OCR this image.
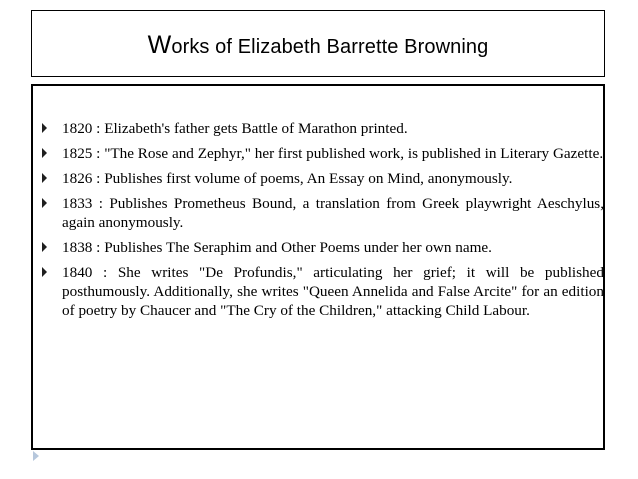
Works of Elizabeth Barrette Browning
1820 : Elizabeth's father gets Battle of Marathon printed.
1825 : "The Rose and Zephyr," her first published work, is published in Literary Gazette.
1826 : Publishes first volume of poems, An Essay on Mind, anonymously.
1833 : Publishes Prometheus Bound, a translation from Greek playwright Aeschylus, again anonymously.
1838 : Publishes The Seraphim and Other Poems under her own name.
1840 : She writes "De Profundis," articulating her grief; it will be published posthumously. Additionally, she writes "Queen Annelida and False Arcite" for an edition of poetry by Chaucer and "The Cry of the Children," attacking Child Labour.
